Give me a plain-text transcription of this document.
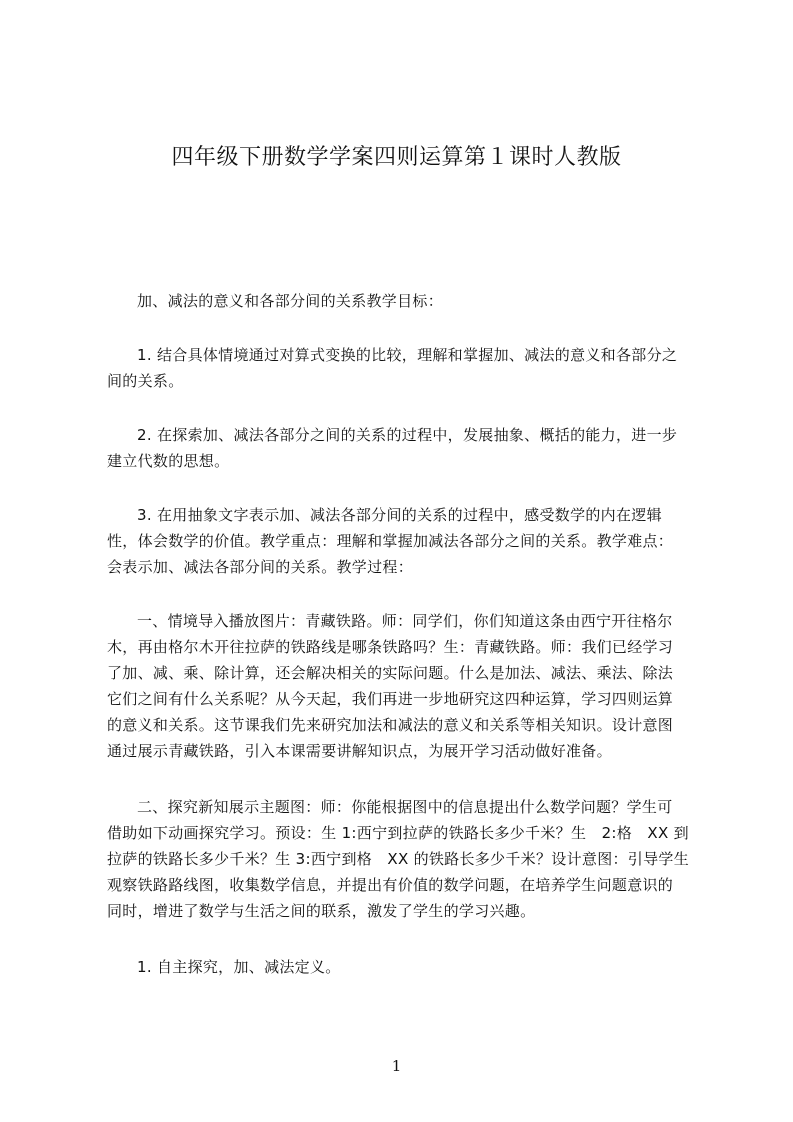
四年级下册数学学案四则运算第１课时人教版
加、减法的意义和各部分间的关系教学目标：
1. 结合具体情境通过对算式变换的比较，理解和掌握加、减法的意义和各部分之
间的关系。
2. 在探索加、减法各部分之间的关系的过程中，发展抽象、概括的能力，进一步
建立代数的思想。
3. 在用抽象文字表示加、减法各部分间的关系的过程中，感受数学的内在逻辑
性，体会数学的价值。教学重点：理解和掌握加减法各部分之间的关系。教学难点：
会表示加、减法各部分间的关系。教学过程：
一、情境导入播放图片：青藏铁路。师：同学们，你们知道这条由西宁开往格尔
木，再由格尔木开往拉萨的铁路线是哪条铁路吗？生：青藏铁路。师：我们已经学习
了加、减、乘、除计算，还会解决相关的实际问题。什么是加法、减法、乘法、除法
它们之间有什么关系呢？从今天起，我们再进一步地研究这四种运算，学习四则运算
的意义和关系。这节课我们先来研究加法和减法的意义和关系等相关知识。设计意图
通过展示青藏铁路，引入本课需要讲解知识点，为展开学习活动做好准备。
二、探究新知展示主题图：师：你能根据图中的信息提出什么数学问题？学生可
借助如下动画探究学习。预设：生 1:西宁到拉萨的铁路长多少千米？生　2:格　XX 到
拉萨的铁路长多少千米？生 3:西宁到格　XX 的铁路长多少千米？设计意图：引导学生
观察铁路路线图，收集数学信息，并提出有价值的数学问题，在培养学生问题意识的
同时，增进了数学与生活之间的联系，激发了学生的学习兴趣。
1. 自主探究，加、减法定义。
1
